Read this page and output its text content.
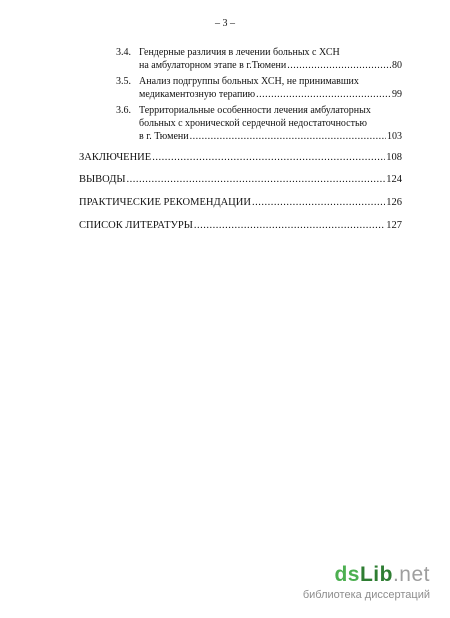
– 3 –
3.4. Гендерные различия в лечении больных с ХСН
на амбулаторном этапе в г.Тюмени .....	80
3.5. Анализ подгруппы больных ХСН, не принимавших
медикаментозную терапию .....	99
3.6. Территориальные особенности лечения амбулаторных
больных с хронической сердечной недостаточностью
в г. Тюмени .....	103
ЗАКЛЮЧЕНИЕ .....	108
ВЫВОДЫ .....	124
ПРАКТИЧЕСКИЕ РЕКОМЕНДАЦИИ .....	126
СПИСОК ЛИТЕРАТУРЫ .....	127
dsLib.net
библиотека диссертаций
